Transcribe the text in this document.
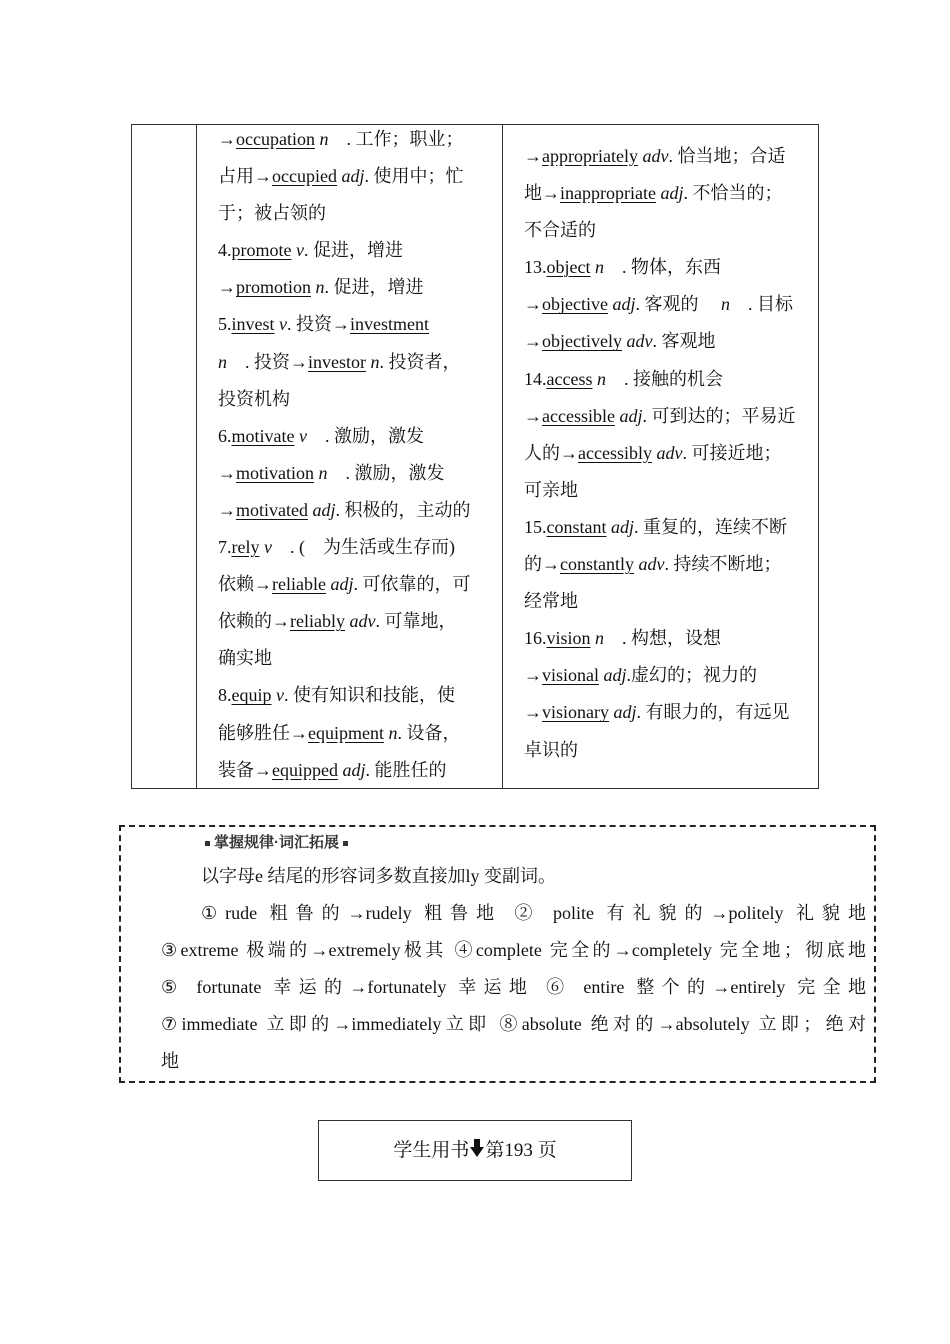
→occupation n　. 工作；职业；
占用→occupied adj. 使用中；忙
于；被占领的
4.promote v. 促进，增进
→promotion n. 促进，增进
5.invest v. 投资→investment
n　. 投资→investor n. 投资者，
投资机构
6.motivate v　. 激励，激发
→motivation n　. 激励，激发
→motivated adj. 积极的，主动的
7.rely v　. (　为生活或生存而)
依赖→reliable adj. 可依靠的，可
依赖的→reliably adv. 可靠地，
确实地
8.equip v. 使有知识和技能，使
能够胜任→equipment n. 设备，
装备→equipped adj. 能胜任的
→appropriately adv. 恰当地；合适
地→inappropriate adj. 不恰当的；
不合适的
13.object n　. 物体，东西
→objective adj. 客观的　 n　. 目标
→objectively adv. 客观地
14.access n　. 接触的机会
→accessible adj. 可到达的；平易近
人的→accessibly adv. 可接近地；
可亲地
15.constant adj. 重复的，连续不断
的→constantly adv. 持续不断地；
经常地
16.vision n　. 构想，设想
→visional adj.虚幻的；视力的
→visionary adj. 有眼力的，有远见
卓识的
掌握规律·词汇拓展
以字母e 结尾的形容词多数直接加ly 变副词。
①rude 粗鲁的→rudely 粗鲁地 ② polite 有礼貌的→politely 礼貌地
③extreme 极端的→extremely极其 ④complete 完全的→completely 完全地；彻底地
⑤ fortunate 幸运的→fortunately 幸运地 ⑥ entire 整个的→entirely 完全地
⑦immediate 立即的→immediately立即 ⑧absolute 绝对的→absolutely 立即；绝对
地
学生用书 第193 页
